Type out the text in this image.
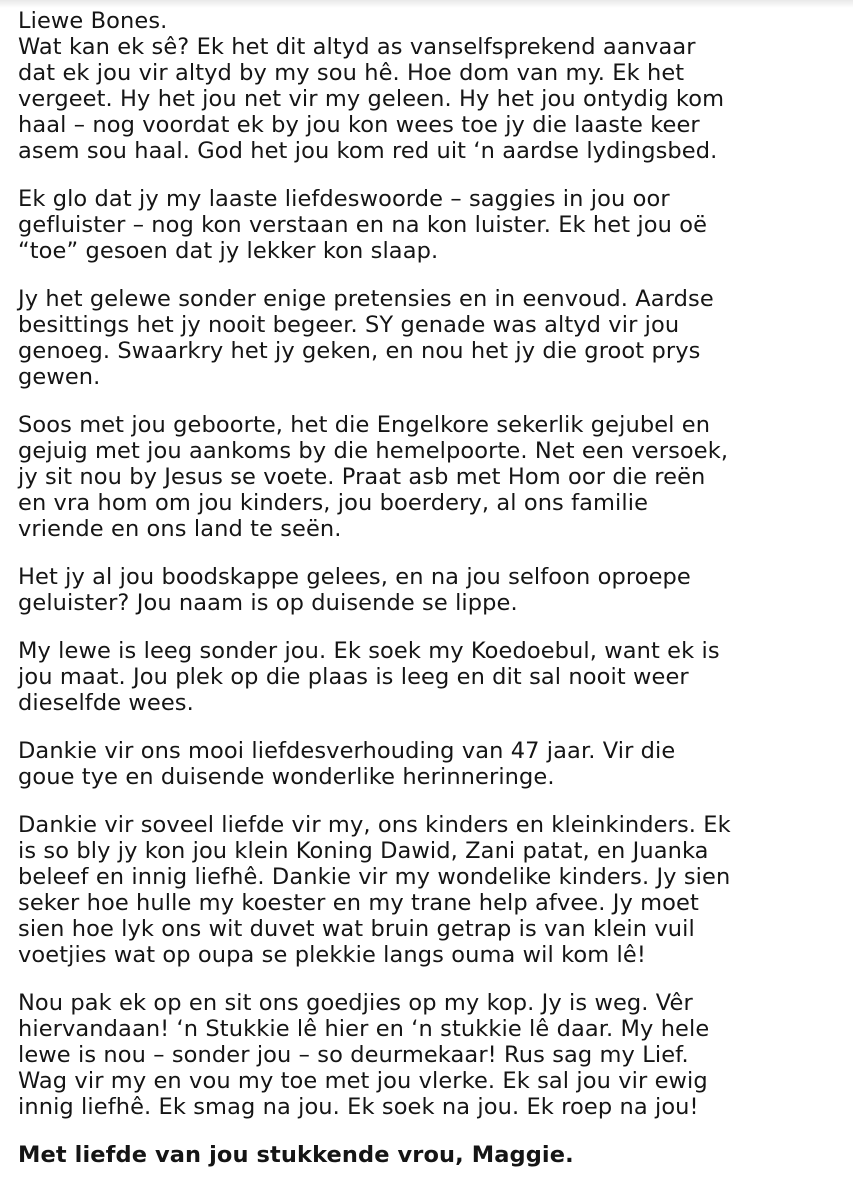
Liewe Bones.
Wat kan ek sê? Ek het dit altyd as vanselfsprekend aanvaar
dat ek jou vir altyd by my sou hê. Hoe dom van my. Ek het
vergeet. Hy het jou net vir my geleen. Hy het jou ontydig kom
haal – nog voordat ek by jou kon wees toe jy die laaste keer
asem sou haal. God het jou kom red uit ‘n aardse lydingsbed.
Ek glo dat jy my laaste liefdeswoorde – saggies in jou oor
gefluister – nog kon verstaan en na kon luister. Ek het jou oë
“toe” gesoen dat jy lekker kon slaap.
Jy het gelewe sonder enige pretensies en in eenvoud. Aardse
besittings het jy nooit begeer. SY genade was altyd vir jou
genoeg. Swaarkry het jy geken, en nou het jy die groot prys
gewen.
Soos met jou geboorte, het die Engelkore sekerlik gejubel en
gejuig met jou aankoms by die hemelpoorte. Net een versoek,
jy sit nou by Jesus se voete. Praat asb met Hom oor die reën
en vra hom om jou kinders, jou boerdery, al ons familie
vriende en ons land te seën.
Het jy al jou boodskappe gelees, en na jou selfoon oproepe
geluister? Jou naam is op duisende se lippe.
My lewe is leeg sonder jou. Ek soek my Koedoebul, want ek is
jou maat. Jou plek op die plaas is leeg en dit sal nooit weer
dieselfde wees.
Dankie vir ons mooi liefdesverhouding van 47 jaar. Vir die
goue tye en duisende wonderlike herinneringe.
Dankie vir soveel liefde vir my, ons kinders en kleinkinders. Ek
is so bly jy kon jou klein Koning Dawid, Zani patat, en Juanka
beleef en innig liefhê. Dankie vir my wondelike kinders. Jy sien
seker hoe hulle my koester en my trane help afvee. Jy moet
sien hoe lyk ons wit duvet wat bruin getrap is van klein vuil
voetjies wat op oupa se plekkie langs ouma wil kom lê!
Nou pak ek op en sit ons goedjies op my kop. Jy is weg. Vêr
hiervandaan! ‘n Stukkie lê hier en ‘n stukkie lê daar. My hele
lewe is nou – sonder jou – so deurmekaar! Rus sag my Lief.
Wag vir my en vou my toe met jou vlerke. Ek sal jou vir ewig
innig liefhê. Ek smag na jou. Ek soek na jou. Ek roep na jou!
Met liefde van jou stukkende vrou, Maggie.
